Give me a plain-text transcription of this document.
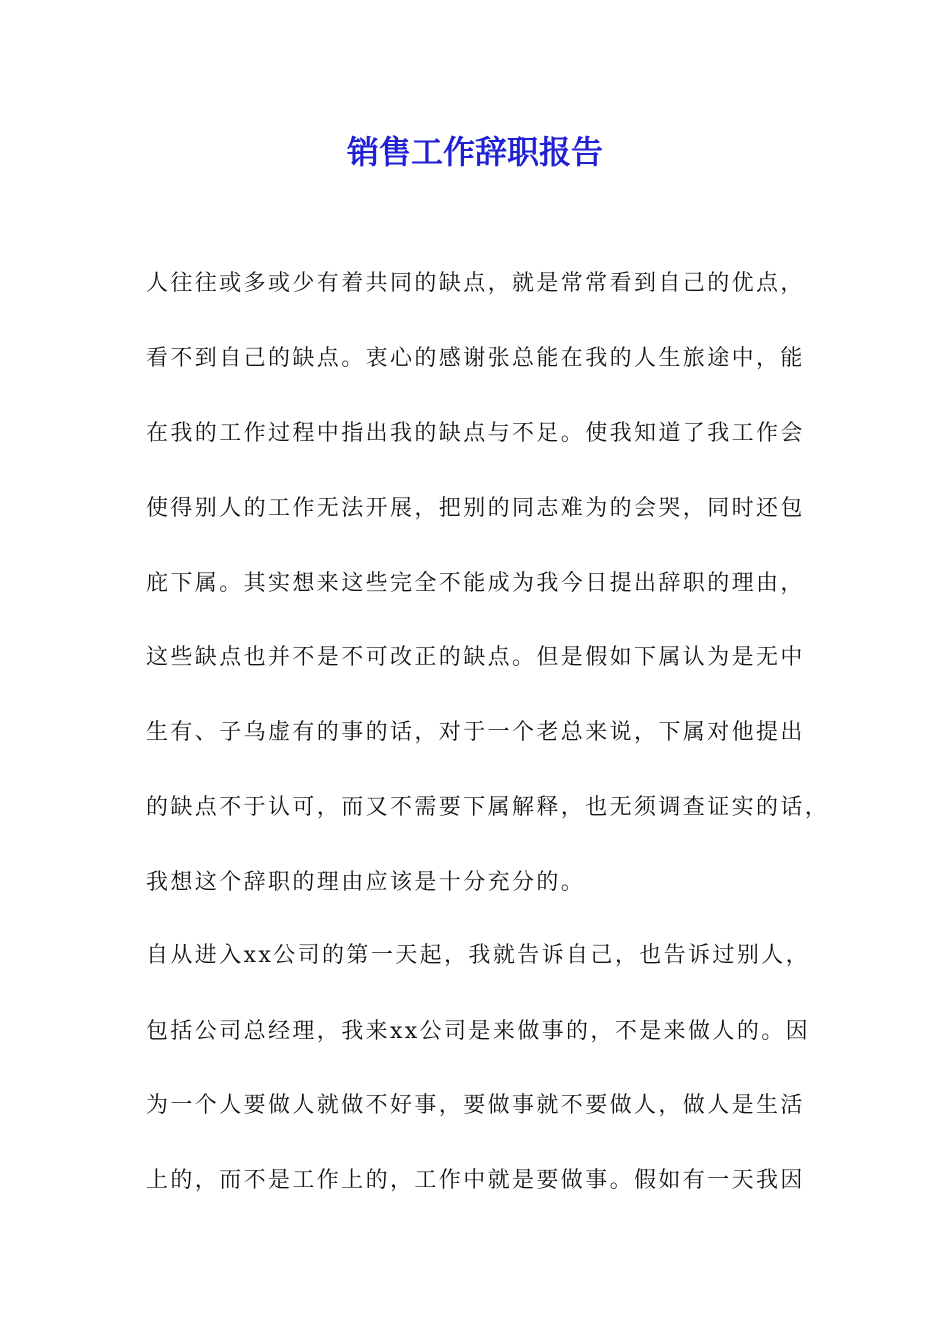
销售工作辞职报告

人往往或多或少有着共同的缺点，就是常常看到自己的优点，

看不到自己的缺点。衷心的感谢张总能在我的人生旅途中，能

在我的工作过程中指出我的缺点与不足。使我知道了我工作会

使得别人的工作无法开展，把别的同志难为的会哭，同时还包

庇下属。其实想来这些完全不能成为我今日提出辞职的理由，

这些缺点也并不是不可改正的缺点。但是假如下属认为是无中

生有、子乌虚有的事的话，对于一个老总来说，下属对他提出

的缺点不于认可，而又不需要下属解释，也无须调查证实的话，

我想这个辞职的理由应该是十分充分的。

自从进入xx公司的第一天起，我就告诉自己，也告诉过别人，

包括公司总经理，我来xx公司是来做事的，不是来做人的。因

为一个人要做人就做不好事，要做事就不要做人，做人是生活

上的，而不是工作上的，工作中就是要做事。假如有一天我因
